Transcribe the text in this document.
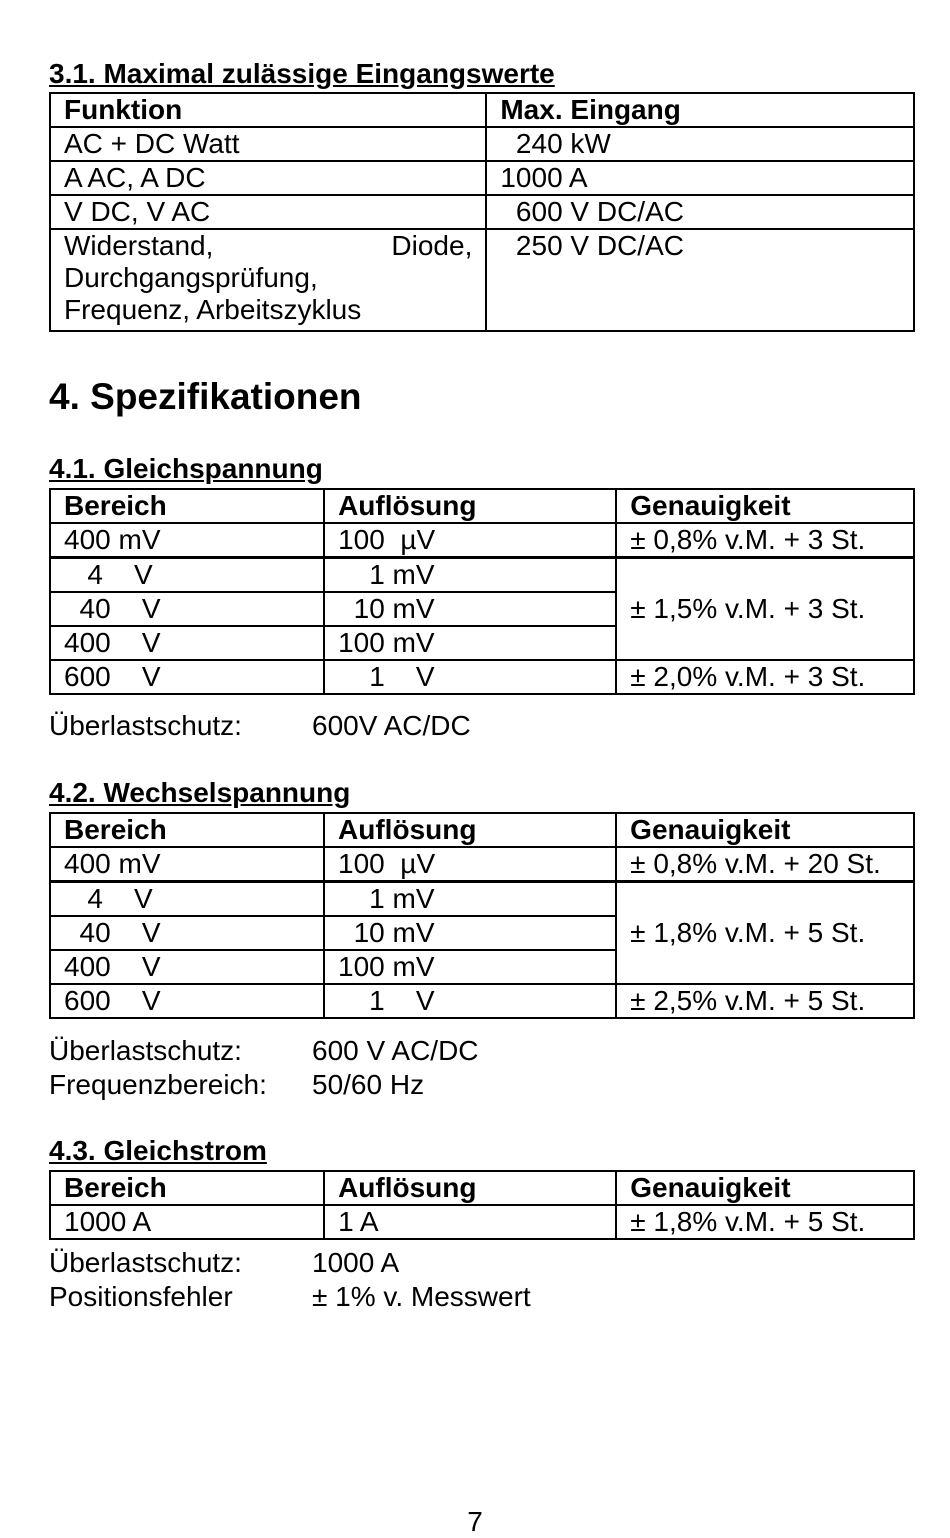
3.1. Maximal zulässige Eingangswerte
Funktion	Max. Eingang
AC + DC Watt	240 kW
A AC, A DC	1000 A
V DC, V AC	600 V DC/AC

Widerstand, Diode,
Durchgangsprüfung, Frequenz, Arbeitszyklus	250 V DC/AC
4. Spezifikationen
4.1. Gleichspannung
Bereich	Auflösung	Genauigkeit
400 mV	100  µV	± 0,8% v.M. + 3 St.
4    V	1 mV	± 1,5% v.M. + 3 St.
40    V	10 mV	
400    V	100 mV	
600    V	1    V	± 2,0% v.M. + 3 St.
Überlastschutz:	600V AC/DC
4.2. Wechselspannung
Bereich	Auflösung	Genauigkeit
400 mV	100  µV	± 0,8% v.M. + 20 St.
4    V	1 mV	± 1,8% v.M. + 5 St.
40    V	10 mV	
400    V	100 mV	
600    V	1    V	± 2,5% v.M. + 5 St.
Überlastschutz:	600 V AC/DC
Frequenzbereich: 50/60 Hz
4.3. Gleichstrom
Bereich	Auflösung	Genauigkeit
1000 A	1 A	± 1,8% v.M. + 5 St.
Überlastschutz:	1000 A
Positionsfehler	± 1% v. Messwert
7
